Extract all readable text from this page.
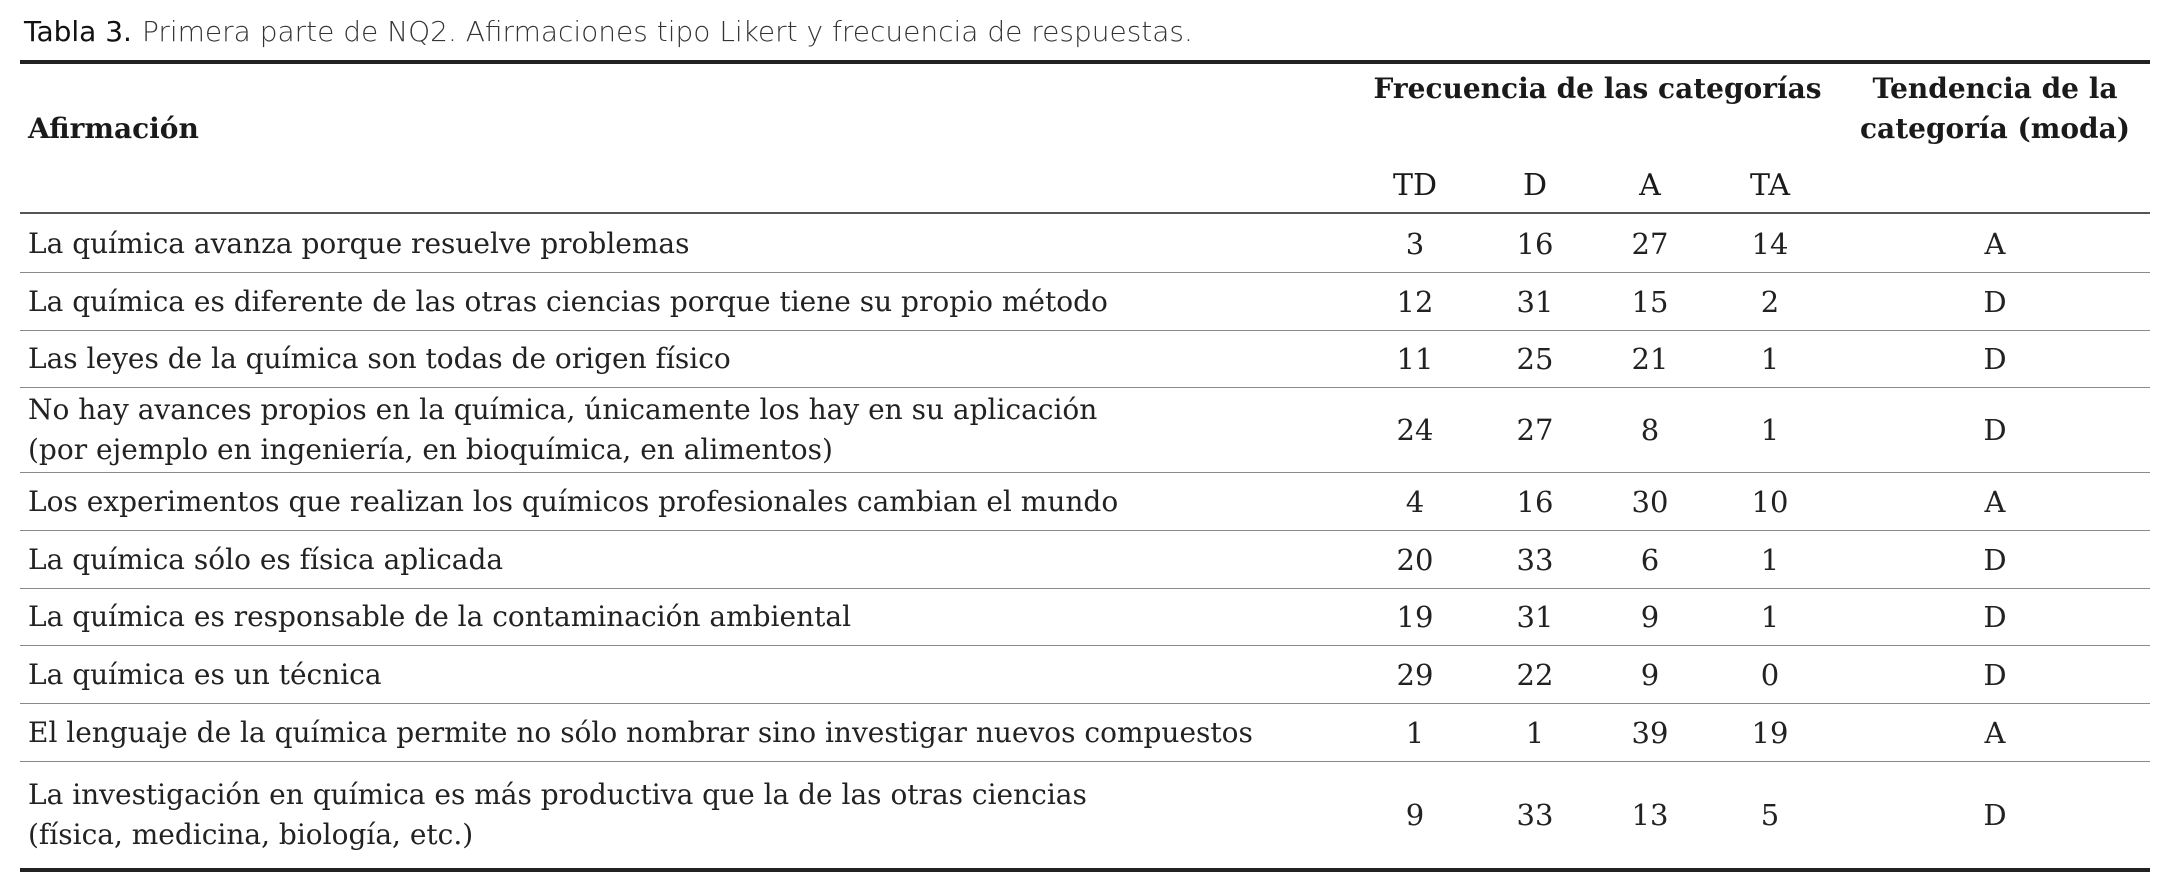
Tabla 3. Primera parte de NQ2. Afirmaciones tipo Likert y frecuencia de respuestas.
Afirmación
Frecuencia de las categorías	Tendencia de la
categoría (moda)
TD	D	A	TA
La química avanza porque resuelve problemas	3	16	27	14	A
La química es diferente de las otras ciencias porque tiene su propio método	12	31	15	2	D
Las leyes de la química son todas de origen físico	11	25	21	1	D
No hay avances propios en la química, únicamente los hay en su aplicación
(por ejemplo en ingeniería, en bioquímica, en alimentos)
24	27	8	1	D
Los experimentos que realizan los químicos profesionales cambian el mundo	4	16	30	10	A
La química sólo es física aplicada	20	33	6	1	D
La química es responsable de la contaminación ambiental	19	31	9	1	D
La química es un técnica	29	22	9	0	D
El lenguaje de la química permite no sólo nombrar sino investigar nuevos compuestos	1	1	39	19	A
La investigación en química es más productiva que la de las otras ciencias
(física, medicina, biología, etc.)
9	33	13	5	D
